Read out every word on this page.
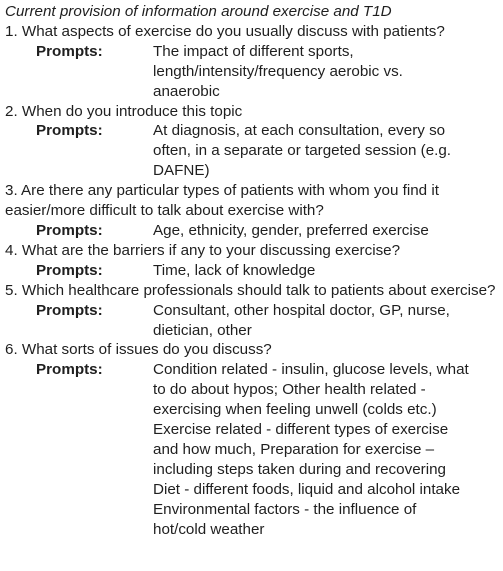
Current provision of information around exercise and T1D

1. What aspects of exercise do you usually discuss with patients?

Prompts:	The impact of different sports,
length/intensity/frequency aerobic vs.
anaerobic

2. When do you introduce this topic

Prompts:	At diagnosis, at each consultation, every so
often, in a separate or targeted session (e.g.
DAFNE)

3. Are there any particular types of patients with whom you find it

easier/more difficult to talk about exercise with?

Prompts:	Age, ethnicity, gender, preferred exercise

4. What are the barriers if any to your discussing exercise?

Prompts:	Time, lack of knowledge

5. Which healthcare professionals should talk to patients about exercise?

Prompts:	Consultant, other hospital doctor, GP, nurse,
dietician, other

6. What sorts of issues do you discuss?

Prompts:	Condition related - insulin, glucose levels, what
to do about hypos; Other health related -
exercising when feeling unwell (colds etc.)
Exercise related - different types of exercise
and how much, Preparation for exercise –
including steps taken during and recovering
Diet - different foods, liquid and alcohol intake
Environmental factors - the influence of
hot/cold weather
